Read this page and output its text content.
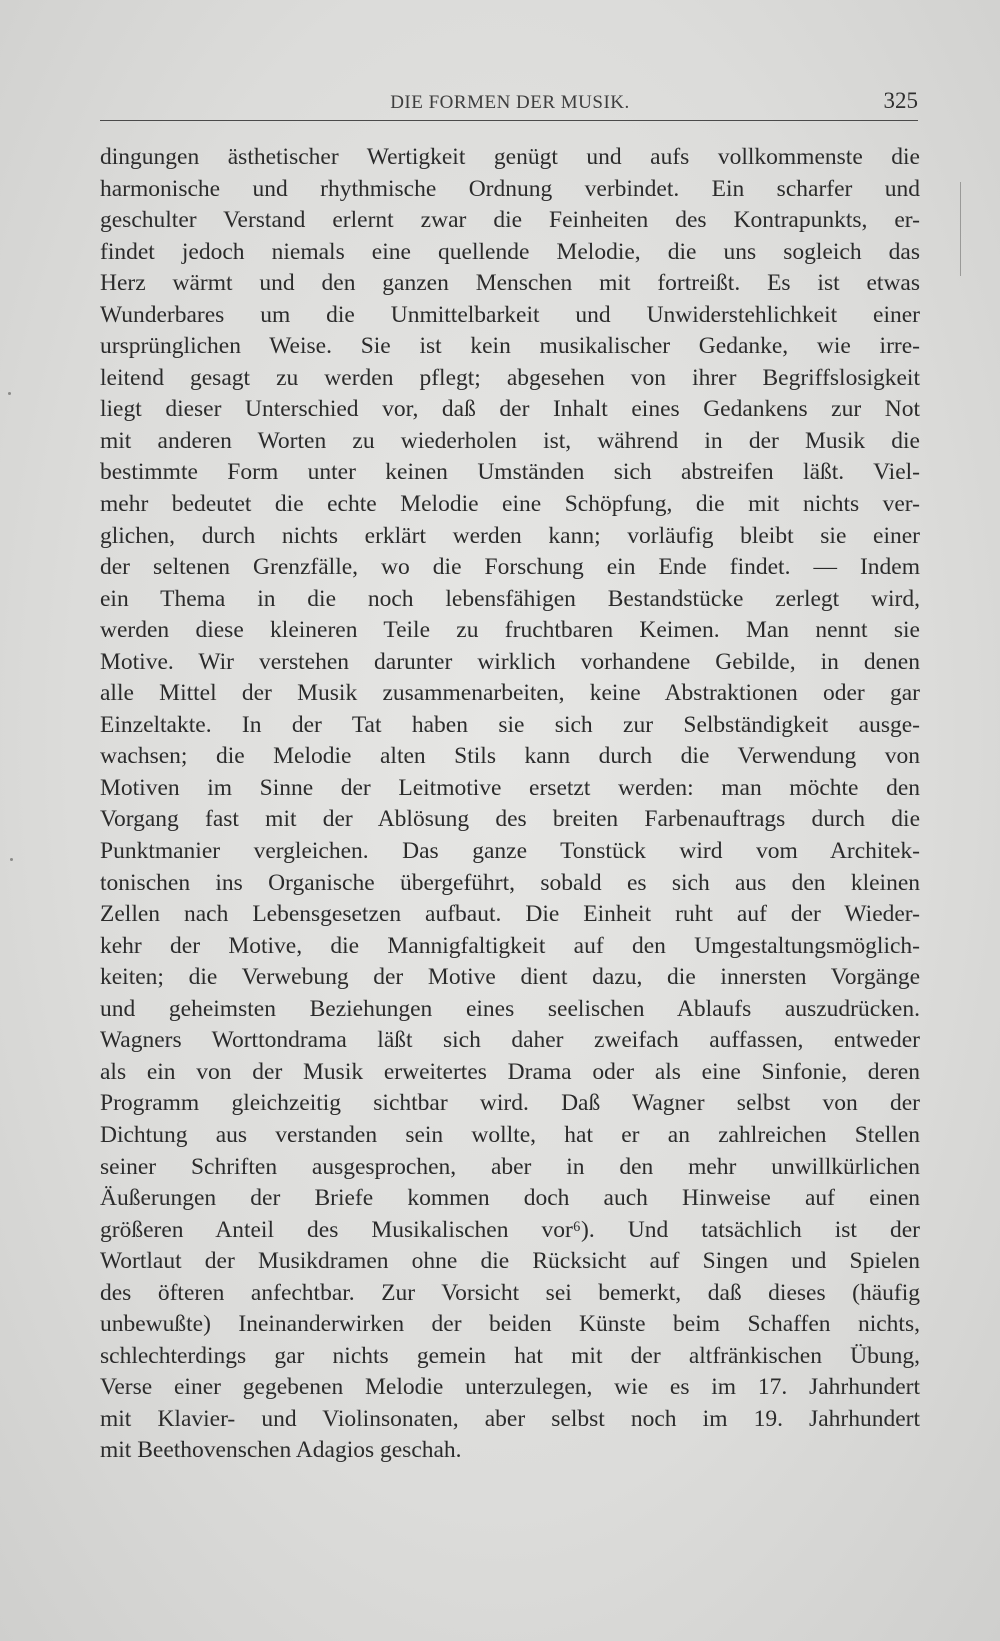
DIE FORMEN DER MUSIK.	325
dingungen ästhetischer Wertigkeit genügt und aufs vollkommenste die
harmonische und rhythmische Ordnung verbindet. Ein scharfer und
geschulter Verstand erlernt zwar die Feinheiten des Kontrapunkts, er-
findet jedoch niemals eine quellende Melodie, die uns sogleich das
Herz wärmt und den ganzen Menschen mit fortreißt. Es ist etwas
Wunderbares um die Unmittelbarkeit und Unwiderstehlichkeit einer
ursprünglichen Weise. Sie ist kein musikalischer Gedanke, wie irre-
leitend gesagt zu werden pflegt; abgesehen von ihrer Begriffslosigkeit
liegt dieser Unterschied vor, daß der Inhalt eines Gedankens zur Not
mit anderen Worten zu wiederholen ist, während in der Musik die
bestimmte Form unter keinen Umständen sich abstreifen läßt. Viel-
mehr bedeutet die echte Melodie eine Schöpfung, die mit nichts ver-
glichen, durch nichts erklärt werden kann; vorläufig bleibt sie einer
der seltenen Grenzfälle, wo die Forschung ein Ende findet. — Indem
ein Thema in die noch lebensfähigen Bestandstücke zerlegt wird,
werden diese kleineren Teile zu fruchtbaren Keimen. Man nennt sie
Motive. Wir verstehen darunter wirklich vorhandene Gebilde, in denen
alle Mittel der Musik zusammenarbeiten, keine Abstraktionen oder gar
Einzeltakte. In der Tat haben sie sich zur Selbständigkeit ausge-
wachsen; die Melodie alten Stils kann durch die Verwendung von
Motiven im Sinne der Leitmotive ersetzt werden: man möchte den
Vorgang fast mit der Ablösung des breiten Farbenauftrags durch die
Punktmanier vergleichen. Das ganze Tonstück wird vom Architek-
tonischen ins Organische übergeführt, sobald es sich aus den kleinen
Zellen nach Lebensgesetzen aufbaut. Die Einheit ruht auf der Wieder-
kehr der Motive, die Mannigfaltigkeit auf den Umgestaltungsmöglich-
keiten; die Verwebung der Motive dient dazu, die innersten Vorgänge
und geheimsten Beziehungen eines seelischen Ablaufs auszudrücken.
Wagners Worttondrama läßt sich daher zweifach auffassen, entweder
als ein von der Musik erweitertes Drama oder als eine Sinfonie, deren
Programm gleichzeitig sichtbar wird. Daß Wagner selbst von der
Dichtung aus verstanden sein wollte, hat er an zahlreichen Stellen
seiner Schriften ausgesprochen, aber in den mehr unwillkürlichen
Äußerungen der Briefe kommen doch auch Hinweise auf einen
größeren Anteil des Musikalischen vor⁶). Und tatsächlich ist der
Wortlaut der Musikdramen ohne die Rücksicht auf Singen und Spielen
des öfteren anfechtbar. Zur Vorsicht sei bemerkt, daß dieses (häufig
unbewußte) Ineinanderwirken der beiden Künste beim Schaffen nichts,
schlechterdings gar nichts gemein hat mit der altfränkischen Übung,
Verse einer gegebenen Melodie unterzulegen, wie es im 17. Jahrhundert
mit Klavier- und Violinsonaten, aber selbst noch im 19. Jahrhundert
mit Beethovenschen Adagios geschah.
